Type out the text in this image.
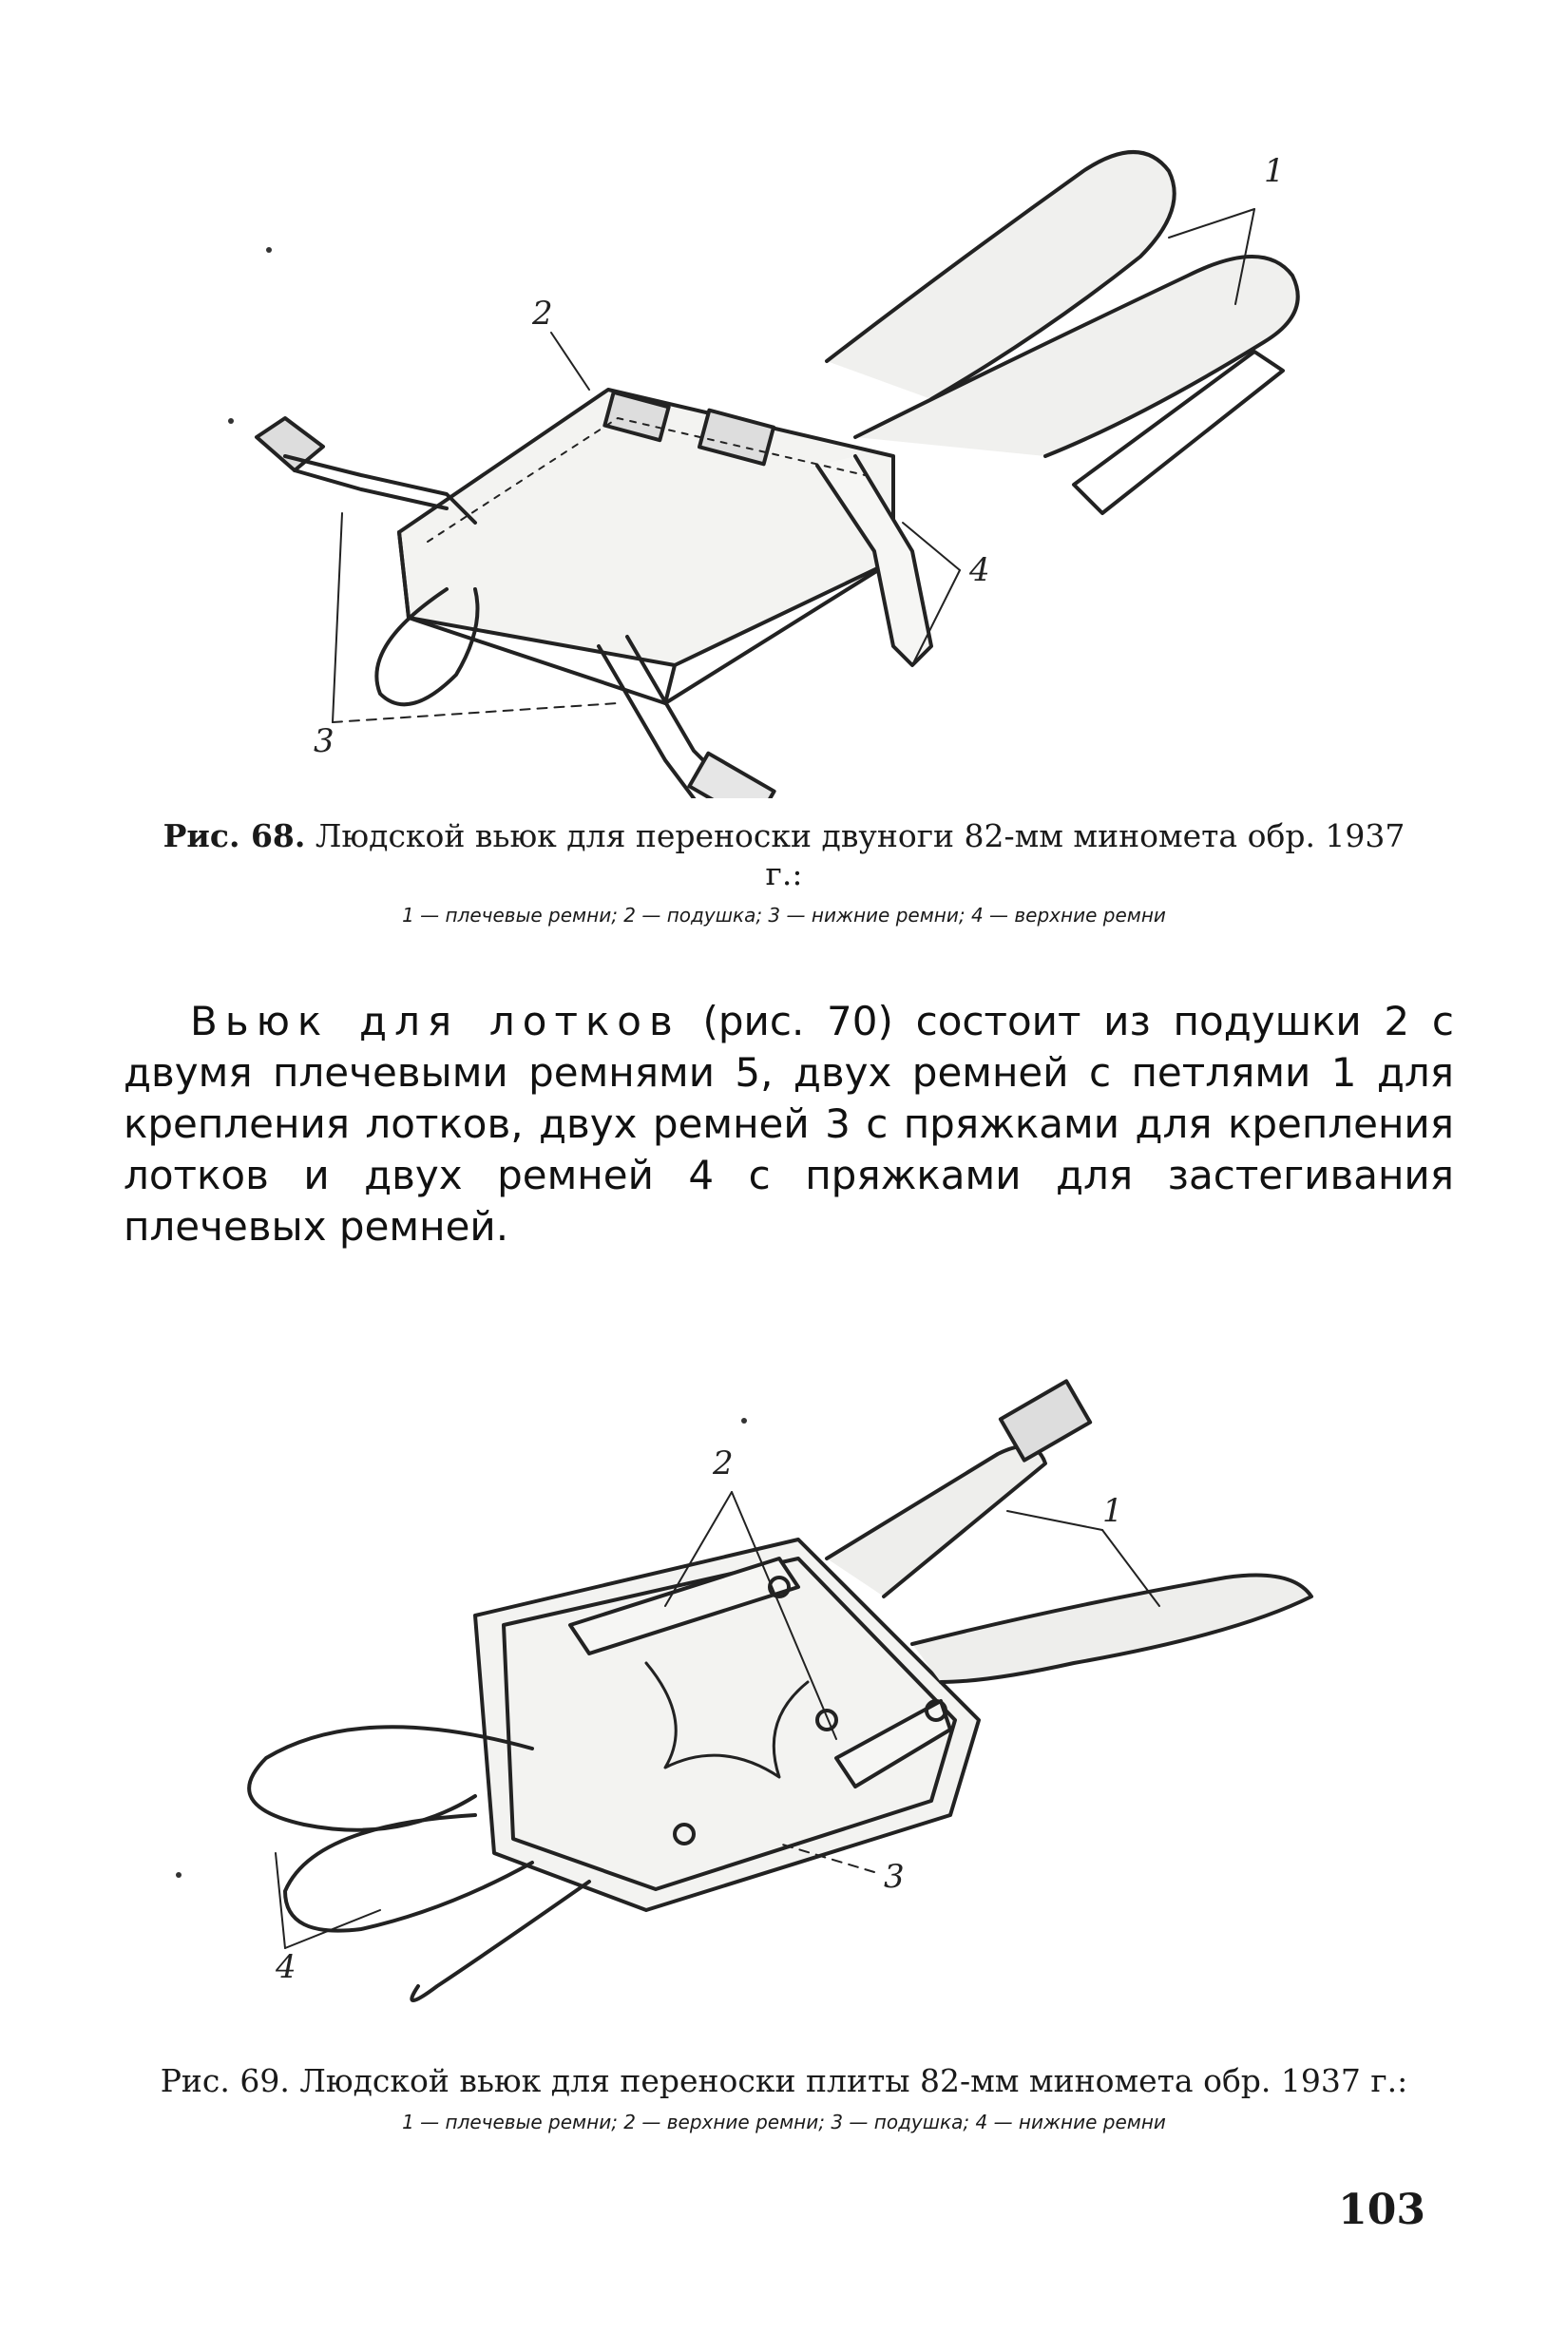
1
2
3
4
Рис. 68. Людской вьюк для переноски двуноги 82-мм миномета обр. 1937 г.:
1 — плечевые ремни; 2 — подушка; 3 — нижние ремни; 4 — верхние ремни
Вьюк для лотков (рис. 70) состоит из подушки 2 с двумя плечевыми ремнями 5, двух ремней с петлями 1 для крепления лотков, двух ремней 3 с пряжками для крепления лотков и двух ремней 4 с пряжками для застегивания плечевых ремней.
1
2
3
4
Рис. 69. Людской вьюк для переноски плиты 82-мм миномета обр. 1937 г.:
1 — плечевые ремни; 2 — верхние ремни; 3 — подушка; 4 — нижние ремни
103
